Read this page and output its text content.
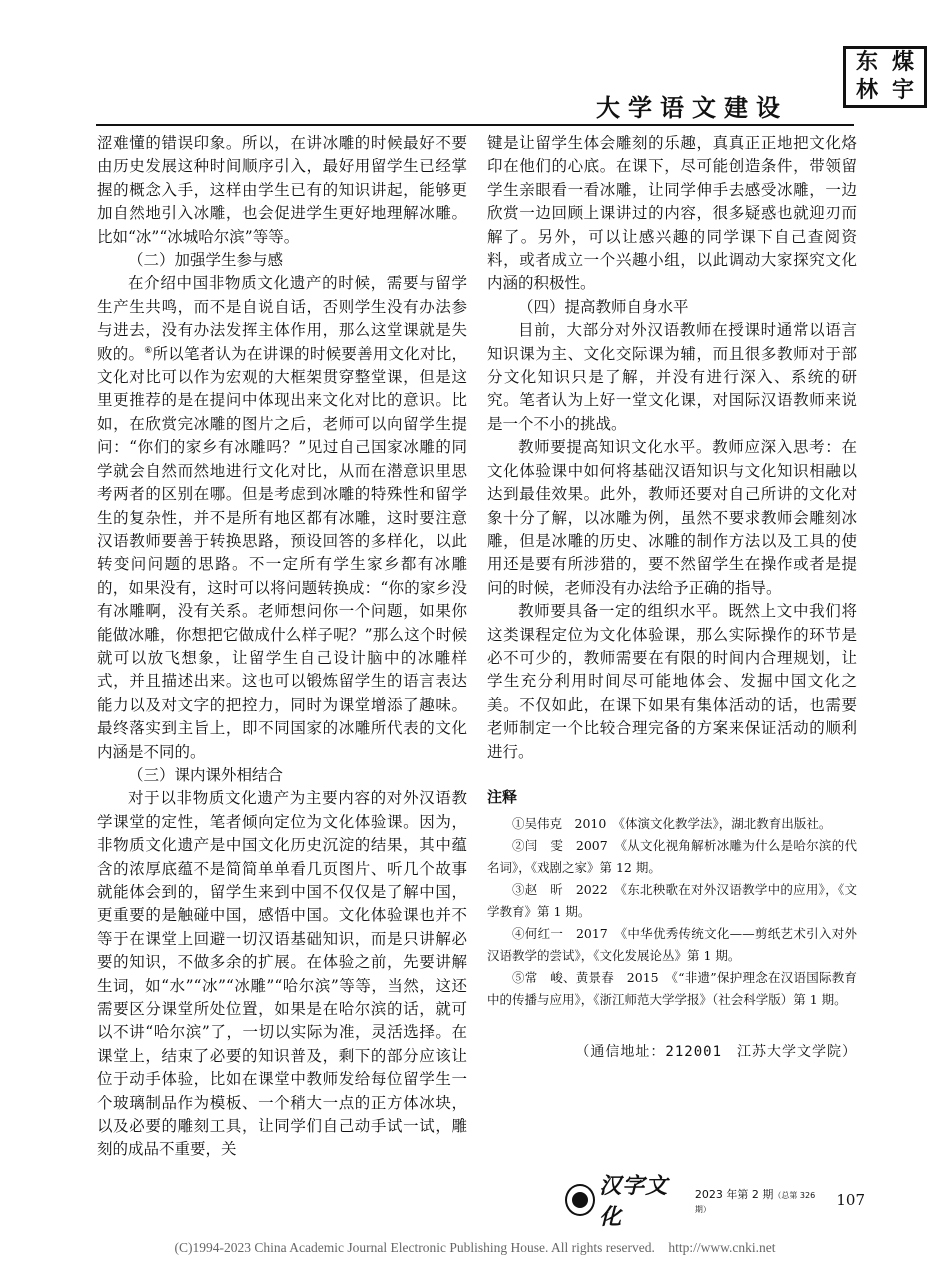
东 煤
林 宇
大学语文建设

涩难懂的错误印象。所以，在讲冰雕的时候最好不要由历史发展这种时间顺序引入，最好用留学生已经掌握的概念入手，这样由学生已有的知识讲起，能够更加自然地引入冰雕，也会促进学生更好地理解冰雕。比如“冰”“冰城哈尔滨”等等。

（二）加强学生参与感

在介绍中国非物质文化遗产的时候，需要与留学生产生共鸣，而不是自说自话，否则学生没有办法参与进去，没有办法发挥主体作用，那么这堂课就是失败的。⑥所以笔者认为在讲课的时候要善用文化对比，文化对比可以作为宏观的大框架贯穿整堂课，但是这里更推荐的是在提问中体现出来文化对比的意识。比如，在欣赏完冰雕的图片之后，老师可以向留学生提问：“你们的家乡有冰雕吗？”见过自己国家冰雕的同学就会自然而然地进行文化对比，从而在潜意识里思考两者的区别在哪。但是考虑到冰雕的特殊性和留学生的复杂性，并不是所有地区都有冰雕，这时要注意汉语教师要善于转换思路，预设回答的多样化，以此转变问问题的思路。不一定所有学生家乡都有冰雕的，如果没有，这时可以将问题转换成：“你的家乡没有冰雕啊，没有关系。老师想问你一个问题，如果你能做冰雕，你想把它做成什么样子呢？”那么这个时候就可以放飞想象，让留学生自己设计脑中的冰雕样式，并且描述出来。这也可以锻炼留学生的语言表达能力以及对文字的把控力，同时为课堂增添了趣味。最终落实到主旨上，即不同国家的冰雕所代表的文化内涵是不同的。

（三）课内课外相结合

对于以非物质文化遗产为主要内容的对外汉语教学课堂的定性，笔者倾向定位为文化体验课。因为，非物质文化遗产是中国文化历史沉淀的结果，其中蕴含的浓厚底蕴不是简简单单看几页图片、听几个故事就能体会到的，留学生来到中国不仅仅是了解中国，更重要的是触碰中国，感悟中国。文化体验课也并不等于在课堂上回避一切汉语基础知识，而是只讲解必要的知识，不做多余的扩展。在体验之前，先要讲解生词，如“水”“冰”“冰雕”“哈尔滨”等等，当然，这还需要区分课堂所处位置，如果是在哈尔滨的话，就可以不讲“哈尔滨”了，一切以实际为准，灵活选择。在课堂上，结束了必要的知识普及，剩下的部分应该让位于动手体验，比如在课堂中教师发给每位留学生一个玻璃制品作为模板、一个稍大一点的正方体冰块，以及必要的雕刻工具，让同学们自己动手试一试，雕刻的成品不重要，关

键是让留学生体会雕刻的乐趣，真真正正地把文化烙印在他们的心底。在课下，尽可能创造条件，带领留学生亲眼看一看冰雕，让同学伸手去感受冰雕，一边欣赏一边回顾上课讲过的内容，很多疑惑也就迎刃而解了。另外，可以让感兴趣的同学课下自己查阅资料，或者成立一个兴趣小组，以此调动大家探究文化内涵的积极性。

（四）提高教师自身水平

目前，大部分对外汉语教师在授课时通常以语言知识课为主、文化交际课为辅，而且很多教师对于部分文化知识只是了解，并没有进行深入、系统的研究。笔者认为上好一堂文化课，对国际汉语教师来说是一个不小的挑战。

教师要提高知识文化水平。教师应深入思考：在文化体验课中如何将基础汉语知识与文化知识相融以达到最佳效果。此外，教师还要对自己所讲的文化对象十分了解，以冰雕为例，虽然不要求教师会雕刻冰雕，但是冰雕的历史、冰雕的制作方法以及工具的使用还是要有所涉猎的，要不然留学生在操作或者是提问的时候，老师没有办法给予正确的指导。

教师要具备一定的组织水平。既然上文中我们将这类课程定位为文化体验课，那么实际操作的环节是必不可少的，教师需要在有限的时间内合理规划，让学生充分利用时间尽可能地体会、发掘中国文化之美。不仅如此，在课下如果有集体活动的话，也需要老师制定一个比较合理完备的方案来保证活动的顺利进行。

注释

①吴伟克　2010　《体演文化教学法》，湖北教育出版社。

②闫　雯　2007　《从文化视角解析冰雕为什么是哈尔滨的代名词》，《戏剧之家》第 12 期。

③赵　昕　2022　《东北秧歌在对外汉语教学中的应用》，《文学教育》第 1 期。

④何红一　2017　《中华优秀传统文化——剪纸艺术引入对外汉语教学的尝试》，《文化发展论丛》第 1 期。

⑤常　峻、黄景春　2015　《“非遗”保护理念在汉语国际教育中的传播与应用》，《浙江师范大学学报》（社会科学版）第 1 期。

（通信地址：212001　江苏大学文学院）
汉字文化
2023 年第 2 期（总第 326 期）	107
(C)1994-2023 China Academic Journal Electronic Publishing House. All rights reserved.　http://www.cnki.net
